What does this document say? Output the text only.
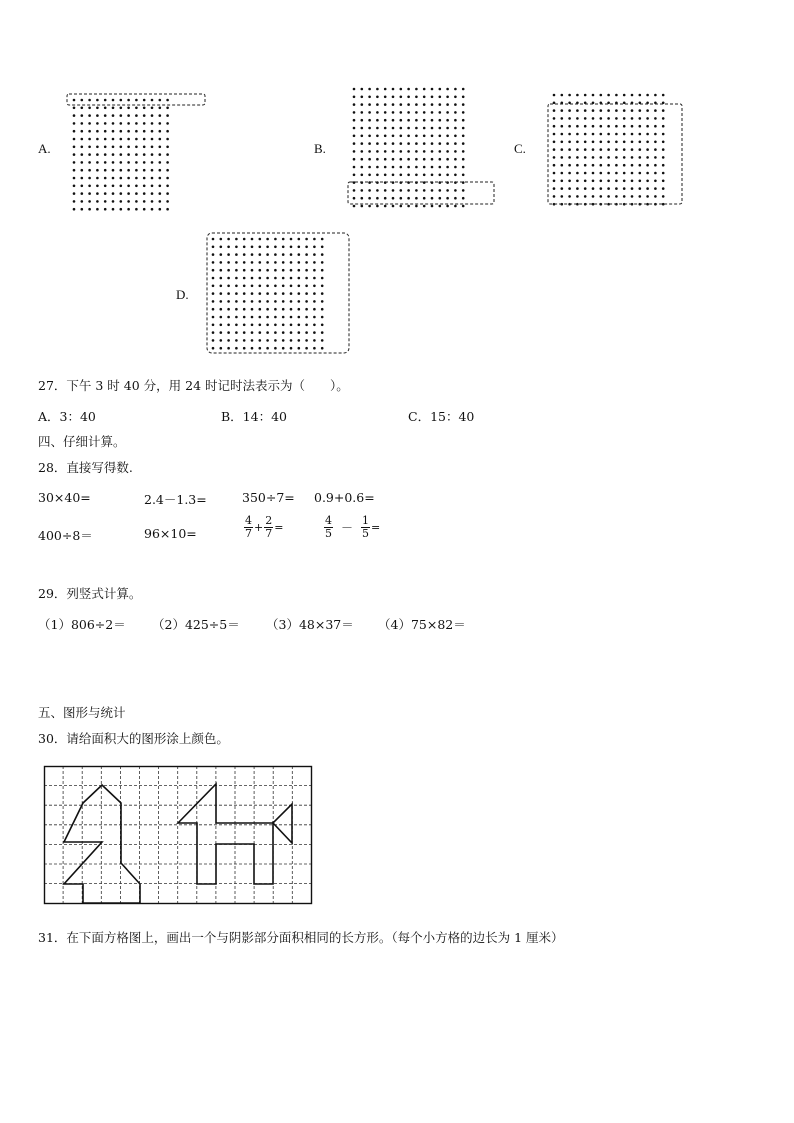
A.	B.	C.
D.
27．下午 3 时 40 分，用 24 时记时法表示为（　　）。
A．3：40	B．14：40	C．15：40
四、仔细计算。
28．直接写得数.
30×40=	2.4－1.3=	350÷7= 0.9+0.6=
400÷8＝	96×10=	$\frac{4}{7} + \frac{2}{7}$ =	$\frac{4}{5} - \frac{1}{5}$ =
29．列竖式计算。
（1）806÷2＝ （2）425÷5＝ （3）48×37＝ （4）75×82＝
五、图形与统计
30．请给面积大的图形涂上颜色。
31．在下面方格图上，画出一个与阴影部分面积相同的长方形。（每个小方格的边长为 1 厘米）
